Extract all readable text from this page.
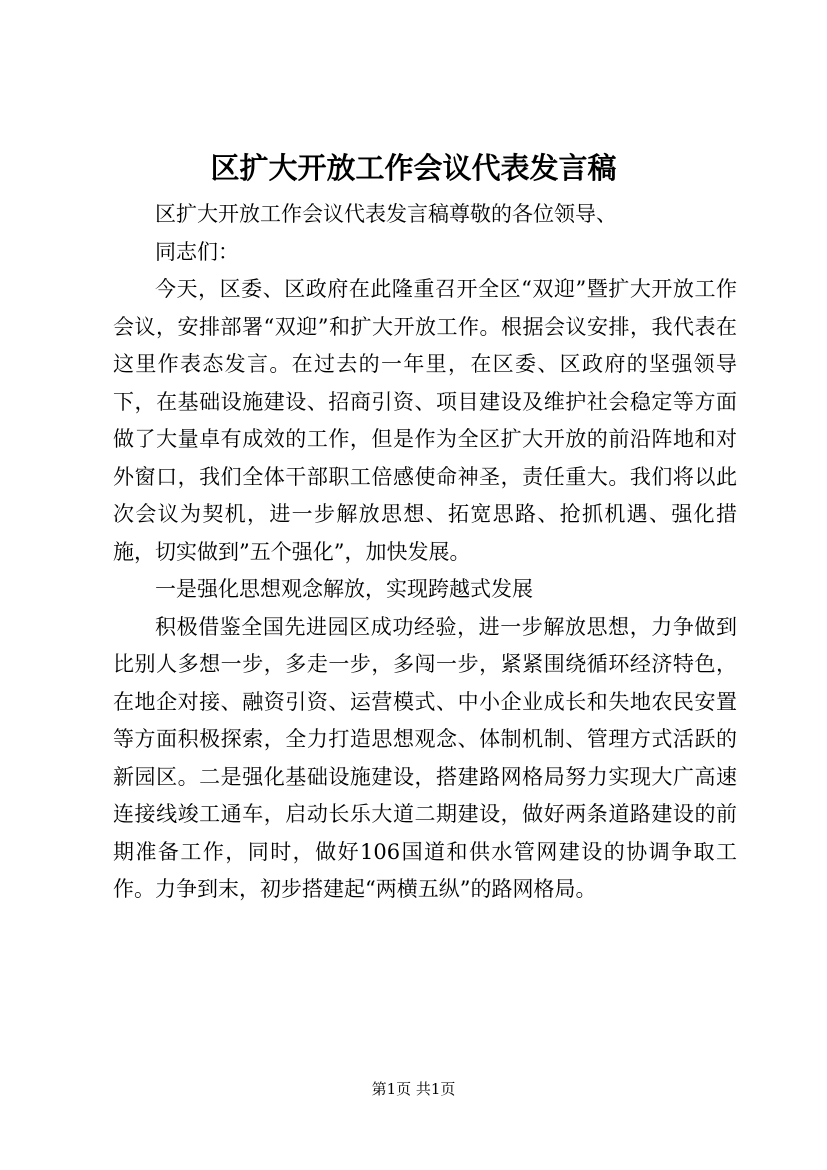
区扩大开放工作会议代表发言稿

区扩大开放工作会议代表发言稿尊敬的各位领导、

同志们：

今天，区委、区政府在此隆重召开全区“双迎”暨扩大开放工作会议，安排部署“双迎”和扩大开放工作。根据会议安排，我代表在这里作表态发言。在过去的一年里，在区委、区政府的坚强领导下，在基础设施建设、招商引资、项目建设及维护社会稳定等方面做了大量卓有成效的工作，但是作为全区扩大开放的前沿阵地和对外窗口，我们全体干部职工倍感使命神圣，责任重大。我们将以此次会议为契机，进一步解放思想、拓宽思路、抢抓机遇、强化措施，切实做到”五个强化”，加快发展。

一是强化思想观念解放，实现跨越式发展

积极借鉴全国先进园区成功经验，进一步解放思想，力争做到比别人多想一步，多走一步，多闯一步，紧紧围绕循环经济特色，在地企对接、融资引资、运营模式、中小企业成长和失地农民安置等方面积极探索，全力打造思想观念、体制机制、管理方式活跃的新园区。二是强化基础设施建设，搭建路网格局努力实现大广高速连接线竣工通车，启动长乐大道二期建设，做好两条道路建设的前期准备工作，同时，做好106国道和供水管网建设的协调争取工作。力争到末，初步搭建起“两横五纵”的路网格局。

第1页 共1页
